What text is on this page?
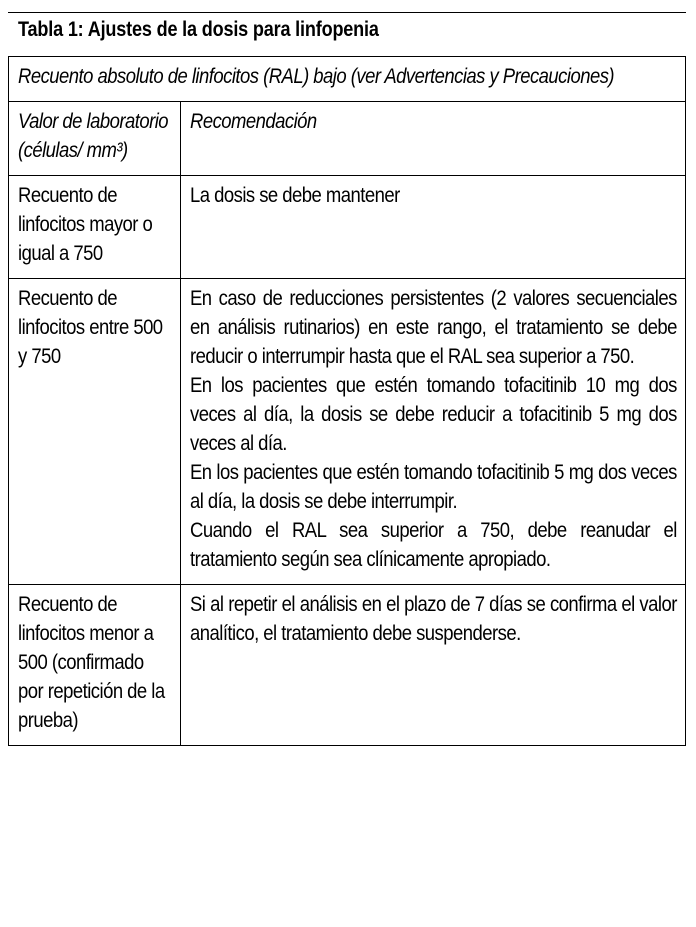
Tabla 1: Ajustes de la dosis para linfopenia
Recuento absoluto de linfocitos (RAL) bajo (ver Advertencias y Precauciones)	

Valor de laboratorio (células/ mm³)	Recomendación

Recuento de linfocitos mayor o igual a 750	La dosis se debe mantener

Recuento de linfocitos entre 500 y 750	En caso de reducciones persistentes (2 valores secuenciales en análisis rutinarios) en este rango, el tratamiento se debe reducir o interrumpir hasta que el RAL sea superior a 750.
En los pacientes que estén tomando tofacitinib 10 mg dos veces al día, la dosis se debe reducir a tofacitinib 5 mg dos veces al día.
En los pacientes que estén tomando tofacitinib 5 mg dos veces al día, la dosis se debe interrumpir.
Cuando el RAL sea superior a 750, debe reanudar el tratamiento según sea clínicamente apropiado.

Recuento de linfocitos menor a 500 (confirmado por repetición de la prueba)	Si al repetir el análisis en el plazo de 7 días se confirma el valor analítico, el tratamiento debe suspenderse.
